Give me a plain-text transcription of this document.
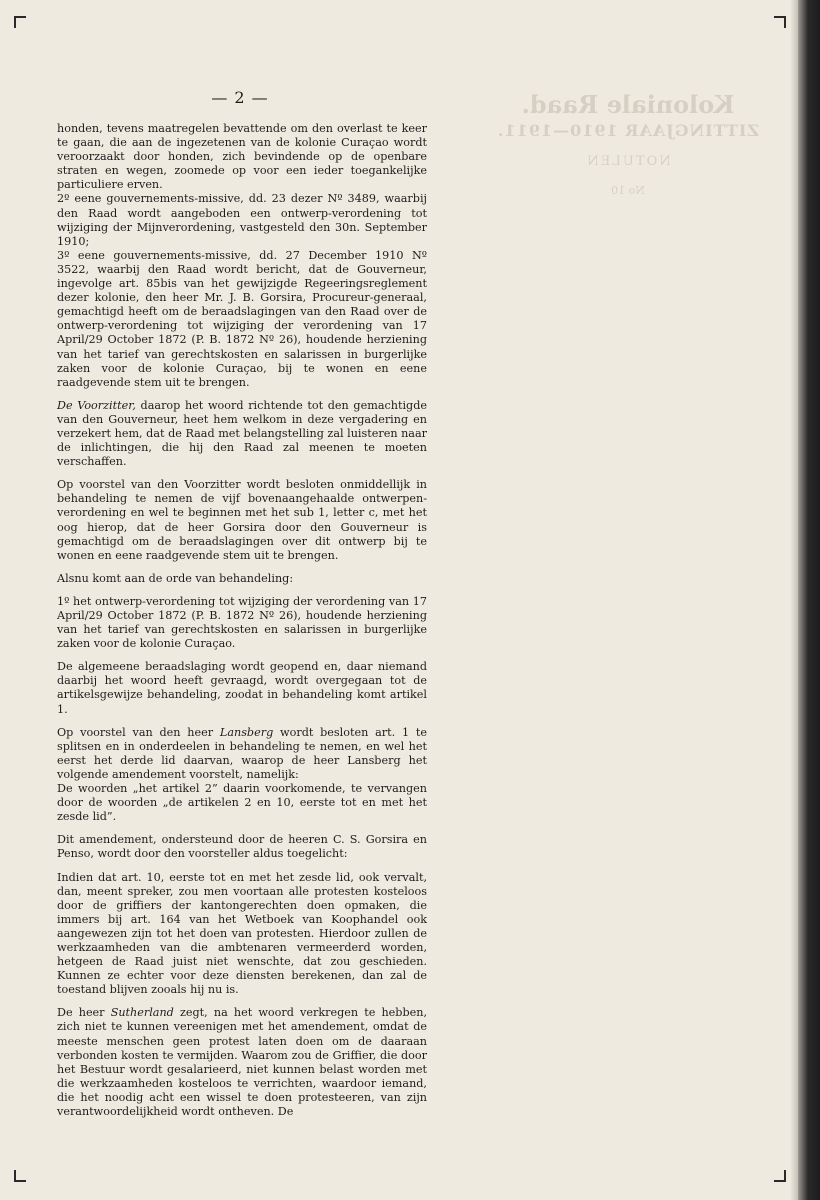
Koloniale Raad.
ZITTINGJAAR 1910—1911.
NOTULEN
No 10
— 2 —

honden, tevens maatregelen bevattende om den overlast te keer te gaan, die aan de ingezetenen van de kolonie Curaçao wordt veroorzaakt door honden, zich bevindende op de openbare straten en wegen, zoomede op voor een ieder toegankelijke particuliere erven.

2º eene gouvernements-missive, dd. 23 dezer Nº 3489, waarbij den Raad wordt aangeboden een ontwerp-verordening tot wijziging der Mijnverordening, vastgesteld den 30n. September 1910;

3º eene gouvernements-missive, dd. 27 December 1910 Nº 3522, waarbij den Raad wordt bericht, dat de Gouverneur, ingevolge art. 85bis van het gewijzigde Regeeringsreglement dezer kolonie, den heer Mr. J. B. Gorsira, Procureur-generaal, gemachtigd heeft om de beraadslagingen van den Raad over de ontwerp-verordening tot wijziging der verordening van 17 April/29 October 1872 (P. B. 1872 Nº 26), houdende herziening van het tarief van gerechtskosten en salarissen in burgerlijke zaken voor de kolonie Curaçao, bij te wonen en eene raadgevende stem uit te brengen.

De Voorzitter, daarop het woord richtende tot den gemachtigde van den Gouverneur, heet hem welkom in deze vergadering en verzekert hem, dat de Raad met belangstelling zal luisteren naar de inlichtingen, die hij den Raad zal meenen te moeten verschaffen.

Op voorstel van den Voorzitter wordt besloten onmiddellijk in behandeling te nemen de vijf bovenaangehaalde ontwerpen-verordening en wel te beginnen met het sub 1, letter c, met het oog hierop, dat de heer Gorsira door den Gouverneur is gemachtigd om de beraadslagingen over dit ontwerp bij te wonen en eene raadgevende stem uit te brengen.

Alsnu komt aan de orde van behandeling:

1º het ontwerp-verordening tot wijziging der verordening van 17 April/29 October 1872 (P. B. 1872 Nº 26), houdende herziening van het tarief van gerechtskosten en salarissen in burgerlijke zaken voor de kolonie Curaçao.

De algemeene beraadslaging wordt geopend en, daar niemand daarbij het woord heeft gevraagd, wordt overgegaan tot de artikelsgewijze behandeling, zoodat in behandeling komt artikel 1.

Op voorstel van den heer Lansberg wordt besloten art. 1 te splitsen en in onderdeelen in behandeling te nemen, en wel het eerst het derde lid daarvan, waarop de heer Lansberg het volgende amendement voorstelt, namelijk:

De woorden „het artikel 2” daarin voorkomende, te vervangen door de woorden „de artikelen 2 en 10, eerste tot en met het zesde lid”.

Dit amendement, ondersteund door de heeren C. S. Gorsira en Penso, wordt door den voorsteller aldus toegelicht:

Indien dat art. 10, eerste tot en met het zesde lid, ook vervalt, dan, meent spreker, zou men voortaan alle protesten kosteloos door de griffiers der kantongerechten doen opmaken, die immers bij art. 164 van het Wetboek van Koophandel ook aangewezen zijn tot het doen van protesten. Hierdoor zullen de werkzaamheden van die ambtenaren vermeerderd worden, hetgeen de Raad juist niet wenschte, dat zou geschieden. Kunnen ze echter voor deze diensten berekenen, dan zal de toestand blijven zooals hij nu is.

De heer Sutherland zegt, na het woord verkregen te hebben, zich niet te kunnen vereenigen met het amendement, omdat de meeste menschen geen protest laten doen om de daaraan verbonden kosten te vermijden. Waarom zou de Griffier, die door het Bestuur wordt gesalarieerd, niet kunnen belast worden met die werkzaamheden kosteloos te verrichten, waardoor iemand, die het noodig acht een wissel te doen protesteeren, van zijn verantwoordelijkheid wordt ontheven. De
